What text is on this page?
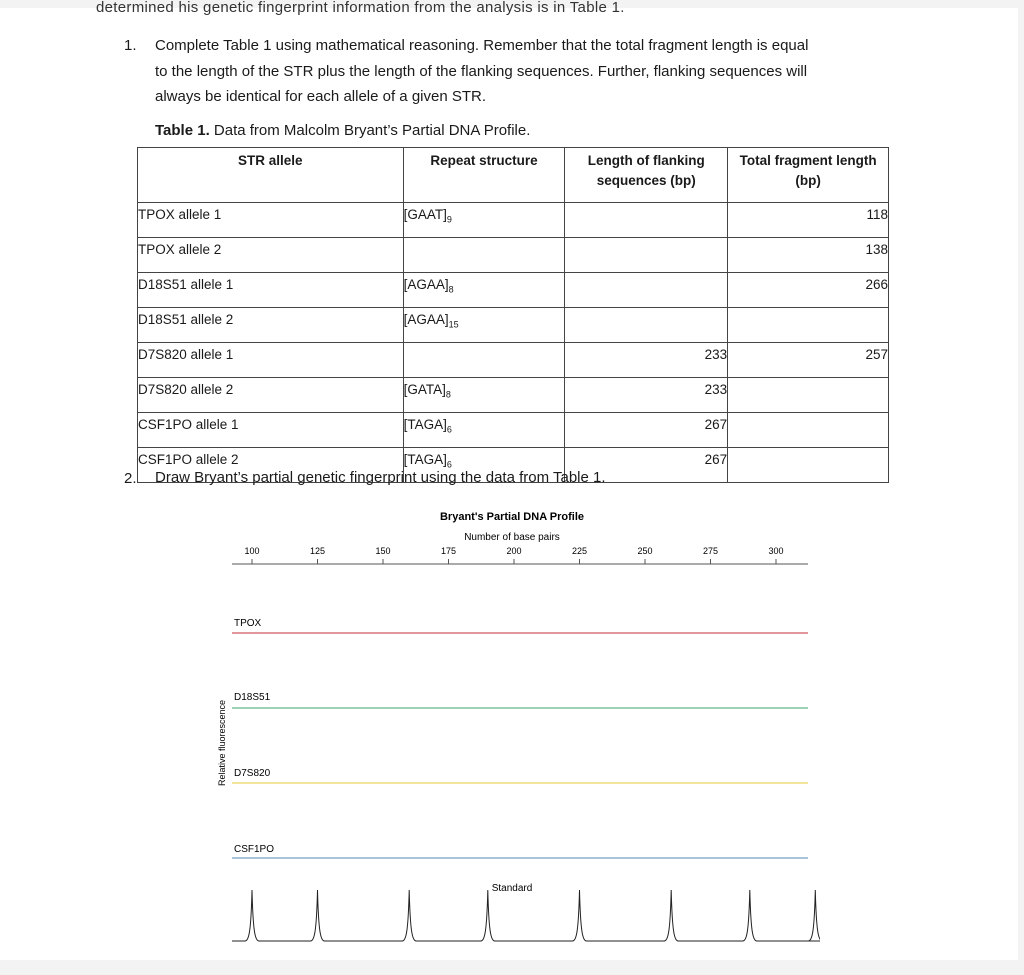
determined his genetic fingerprint information from the analysis is in Table 1.
1. Complete Table 1 using mathematical reasoning. Remember that the total fragment length is equal to the length of the STR plus the length of the flanking sequences. Further, flanking sequences will always be identical for each allele of a given STR.
Table 1. Data from Malcolm Bryant’s Partial DNA Profile.
STR allele	Repeat structure	Length of flanking sequences (bp)	Total fragment length (bp)
TPOX allele 1	$[GAAT]_9$		118
TPOX allele 2			138
D18S51 allele 1	$[AGAA]_8$		266
D18S51 allele 2	$[AGAA]_{15}$		
D7S820 allele 1		233	257
D7S820 allele 2	$[GATA]_8$	233	
CSF1PO allele 1	$[TAGA]_6$	267	
CSF1PO allele 2	$[TAGA]_6$	267	
2. Draw Bryant’s partial genetic fingerprint using the data from Table 1.
Bryant's Partial DNA Profile
Number of base pairs
100	125	150	175	200	225	250	275	300
TPOX
D18S51
D7S820
CSF1PO
Relative fluorescence
Standard
